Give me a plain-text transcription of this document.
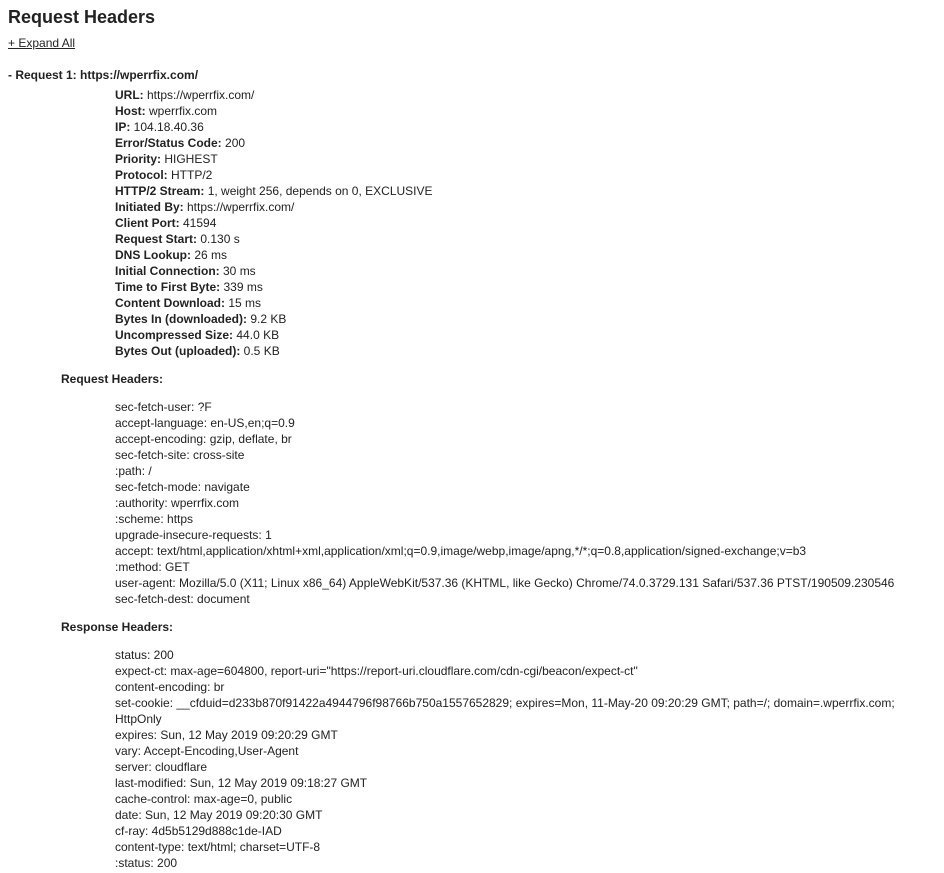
Request Headers
+ Expand All
- Request 1: https://wperrfix.com/
URL: https://wperrfix.com/
Host: wperrfix.com
IP: 104.18.40.36
Error/Status Code: 200
Priority: HIGHEST
Protocol: HTTP/2
HTTP/2 Stream: 1, weight 256, depends on 0, EXCLUSIVE
Initiated By: https://wperrfix.com/
Client Port: 41594
Request Start: 0.130 s
DNS Lookup: 26 ms
Initial Connection: 30 ms
Time to First Byte: 339 ms
Content Download: 15 ms
Bytes In (downloaded): 9.2 KB
Uncompressed Size: 44.0 KB
Bytes Out (uploaded): 0.5 KB
Request Headers:
sec-fetch-user: ?F
accept-language: en-US,en;q=0.9
accept-encoding: gzip, deflate, br
sec-fetch-site: cross-site
:path: /
sec-fetch-mode: navigate
:authority: wperrfix.com
:scheme: https
upgrade-insecure-requests: 1
accept: text/html,application/xhtml+xml,application/xml;q=0.9,image/webp,image/apng,*/*;q=0.8,application/signed-exchange;v=b3
:method: GET
user-agent: Mozilla/5.0 (X11; Linux x86_64) AppleWebKit/537.36 (KHTML, like Gecko) Chrome/74.0.3729.131 Safari/537.36 PTST/190509.230546
sec-fetch-dest: document
Response Headers:
status: 200
expect-ct: max-age=604800, report-uri="https://report-uri.cloudflare.com/cdn-cgi/beacon/expect-ct"
content-encoding: br
set-cookie: __cfduid=d233b870f91422a4944796f98766b750a1557652829; expires=Mon, 11-May-20 09:20:29 GMT; path=/; domain=.wperrfix.com; HttpOnly
expires: Sun, 12 May 2019 09:20:29 GMT
vary: Accept-Encoding,User-Agent
server: cloudflare
last-modified: Sun, 12 May 2019 09:18:27 GMT
cache-control: max-age=0, public
date: Sun, 12 May 2019 09:20:30 GMT
cf-ray: 4d5b5129d888c1de-IAD
content-type: text/html; charset=UTF-8
:status: 200
